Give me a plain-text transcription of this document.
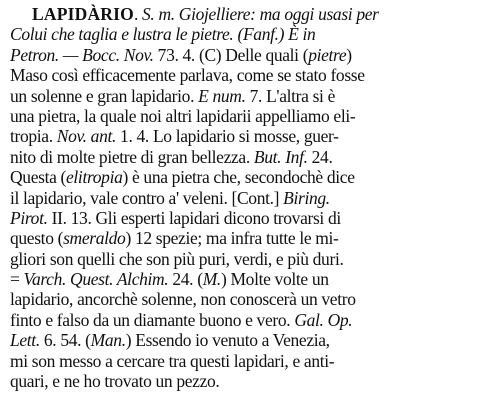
LAPIDÀRIO. S. m. Giojelliere: ma oggi usasi per
Colui che taglia e lustra le pietre. (Fanf.) È in
Petron. — Bocc. Nov. 73. 4. (C) Delle quali (pietre)
Maso così efficacemente parlava, come se stato fosse
un solenne e gran lapidario. E num. 7. L'altra si è
una pietra, la quale noi altri lapidarii appelliamo eli-
tropia. Nov. ant. 1. 4. Lo lapidario si mosse, guer-
nito di molte pietre di gran bellezza. But. Inf. 24.
Questa (elitropia) è una pietra che, secondochè dice
il lapidario, vale contro a' veleni. [Cont.] Biring.
Pirot. II. 13. Gli esperti lapidari dicono trovarsi di
questo (smeraldo) 12 spezie; ma infra tutte le mi-
gliori son quelli che son più puri, verdi, e più duri.
= Varch. Quest. Alchim. 24. (M.) Molte volte un
lapidario, ancorchè solenne, non conoscerà un vetro
finto e falso da un diamante buono e vero. Gal. Op.
Lett. 6. 54. (Man.) Essendo io venuto a Venezia,
mi son messo a cercare tra questi lapidari, e anti-
quari, e ne ho trovato un pezzo.
